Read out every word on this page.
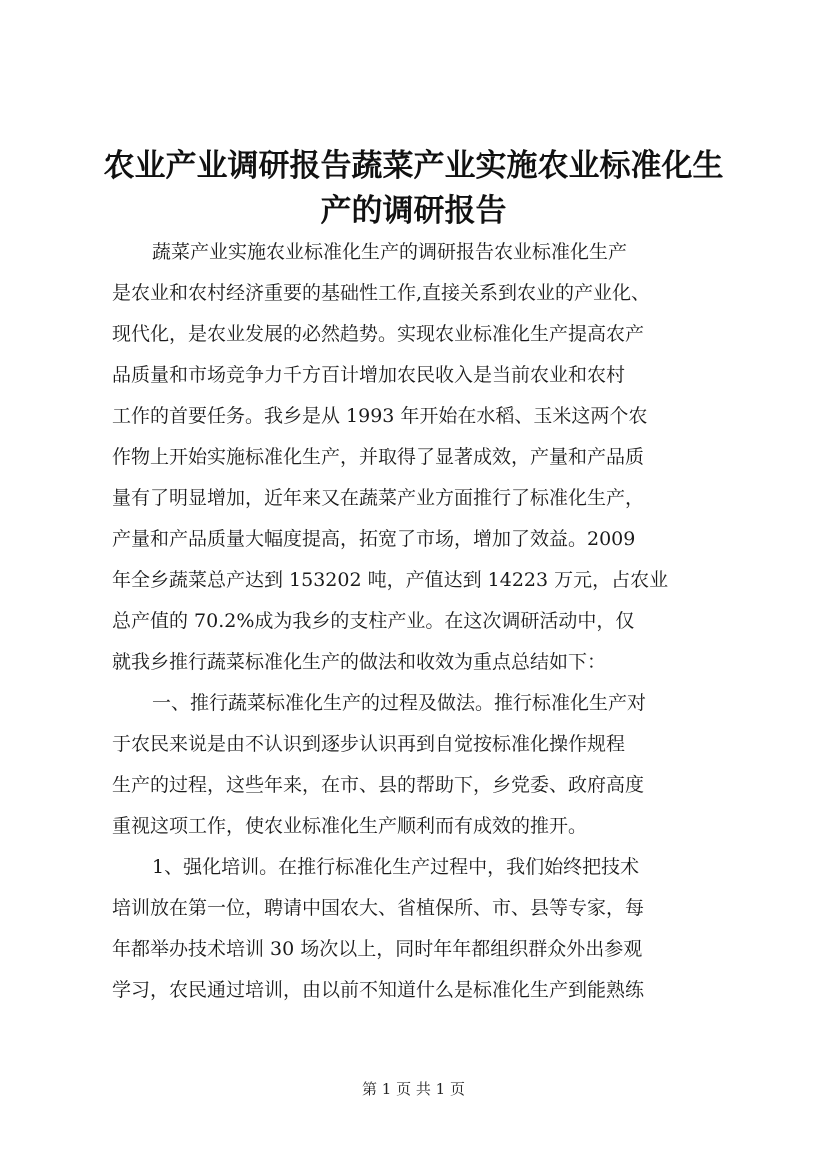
农业产业调研报告蔬菜产业实施农业标准化生
产的调研报告
蔬菜产业实施农业标准化生产的调研报告农业标准化生产
是农业和农村经济重要的基础性工作,直接关系到农业的产业化、
现代化，是农业发展的必然趋势。实现农业标准化生产提高农产
品质量和市场竞争力千方百计增加农民收入是当前农业和农村
工作的首要任务。我乡是从 1993 年开始在水稻、玉米这两个农
作物上开始实施标准化生产，并取得了显著成效，产量和产品质
量有了明显增加，近年来又在蔬菜产业方面推行了标准化生产，
产量和产品质量大幅度提高，拓宽了市场，增加了效益。2009
年全乡蔬菜总产达到 153202 吨，产值达到 14223 万元，占农业
总产值的 70.2%成为我乡的支柱产业。在这次调研活动中，仅
就我乡推行蔬菜标准化生产的做法和收效为重点总结如下：
一、推行蔬菜标准化生产的过程及做法。推行标准化生产对
于农民来说是由不认识到逐步认识再到自觉按标准化操作规程
生产的过程，这些年来，在市、县的帮助下，乡党委、政府高度
重视这项工作，使农业标准化生产顺利而有成效的推开。
1、强化培训。在推行标准化生产过程中，我们始终把技术
培训放在第一位，聘请中国农大、省植保所、市、县等专家，每
年都举办技术培训 30 场次以上，同时年年都组织群众外出参观
学习，农民通过培训，由以前不知道什么是标准化生产到能熟练
第 1 页 共 1 页
